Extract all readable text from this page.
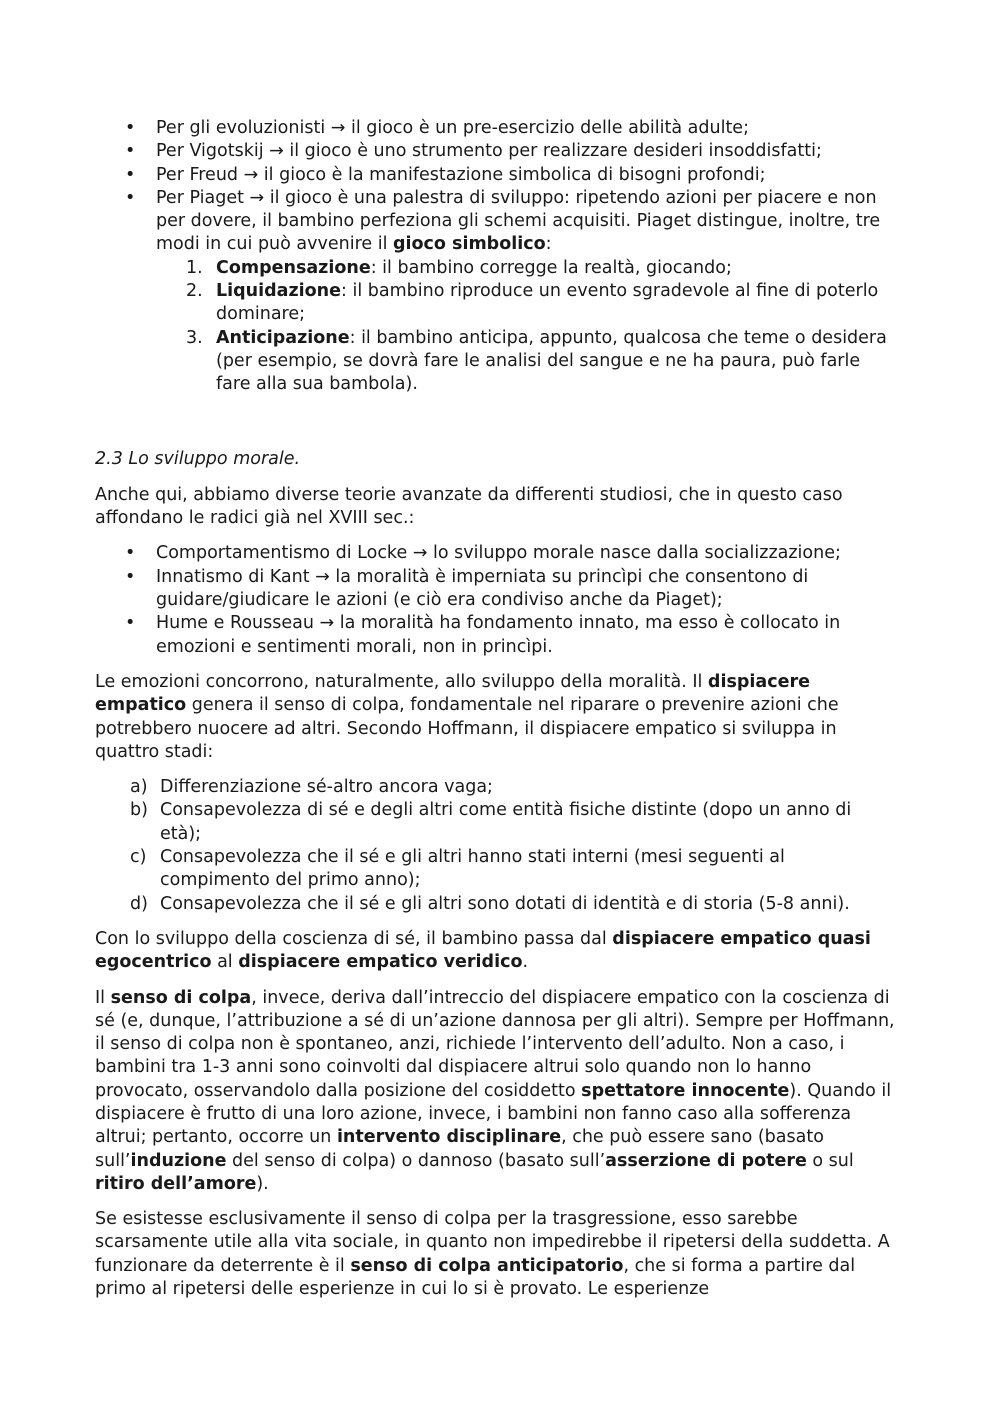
• Per gli evoluzionisti → il gioco è un pre-esercizio delle abilità adulte;
• Per Vigotskij → il gioco è uno strumento per realizzare desideri insoddisfatti;
• Per Freud → il gioco è la manifestazione simbolica di bisogni profondi;
• Per Piaget → il gioco è una palestra di sviluppo: ripetendo azioni per piacere e non per dovere, il bambino perfeziona gli schemi acquisiti. Piaget distingue, inoltre, tre modi in cui può avvenire il gioco simbolico:
1. Compensazione: il bambino corregge la realtà, giocando;
2. Liquidazione: il bambino riproduce un evento sgradevole al fine di poterlo dominare;
3. Anticipazione: il bambino anticipa, appunto, qualcosa che teme o desidera (per esempio, se dovrà fare le analisi del sangue e ne ha paura, può farle fare alla sua bambola).
2.3 Lo sviluppo morale.

Anche qui, abbiamo diverse teorie avanzate da differenti studiosi, che in questo caso affondano le radici già nel XVIII sec.:

• Comportamentismo di Locke → lo sviluppo morale nasce dalla socializzazione;
• Innatismo di Kant → la moralità è imperniata su princìpi che consentono di guidare/giudicare le azioni (e ciò era condiviso anche da Piaget);
• Hume e Rousseau → la moralità ha fondamento innato, ma esso è collocato in emozioni e sentimenti morali, non in princìpi.

Le emozioni concorrono, naturalmente, allo sviluppo della moralità. Il dispiacere empatico genera il senso di colpa, fondamentale nel riparare o prevenire azioni che potrebbero nuocere ad altri. Secondo Hoffmann, il dispiacere empatico si sviluppa in quattro stadi:

a) Differenziazione sé-altro ancora vaga;
b) Consapevolezza di sé e degli altri come entità fisiche distinte (dopo un anno di età);
c) Consapevolezza che il sé e gli altri hanno stati interni (mesi seguenti al compimento del primo anno);
d) Consapevolezza che il sé e gli altri sono dotati di identità e di storia (5-8 anni).

Con lo sviluppo della coscienza di sé, il bambino passa dal dispiacere empatico quasi egocentrico al dispiacere empatico veridico.

Il senso di colpa, invece, deriva dall’intreccio del dispiacere empatico con la coscienza di sé (e, dunque, l’attribuzione a sé di un’azione dannosa per gli altri). Sempre per Hoffmann, il senso di colpa non è spontaneo, anzi, richiede l’intervento dell’adulto. Non a caso, i bambini tra 1-3 anni sono coinvolti dal dispiacere altrui solo quando non lo hanno provocato, osservandolo dalla posizione del cosiddetto spettatore innocente). Quando il dispiacere è frutto di una loro azione, invece, i bambini non fanno caso alla sofferenza altrui; pertanto, occorre un intervento disciplinare, che può essere sano (basato sull’induzione del senso di colpa) o dannoso (basato sull’asserzione di potere o sul ritiro dell’amore).

Se esistesse esclusivamente il senso di colpa per la trasgressione, esso sarebbe scarsamente utile alla vita sociale, in quanto non impedirebbe il ripetersi della suddetta. A funzionare da deterrente è il senso di colpa anticipatorio, che si forma a partire dal primo al ripetersi delle esperienze in cui lo si è provato. Le esperienze
